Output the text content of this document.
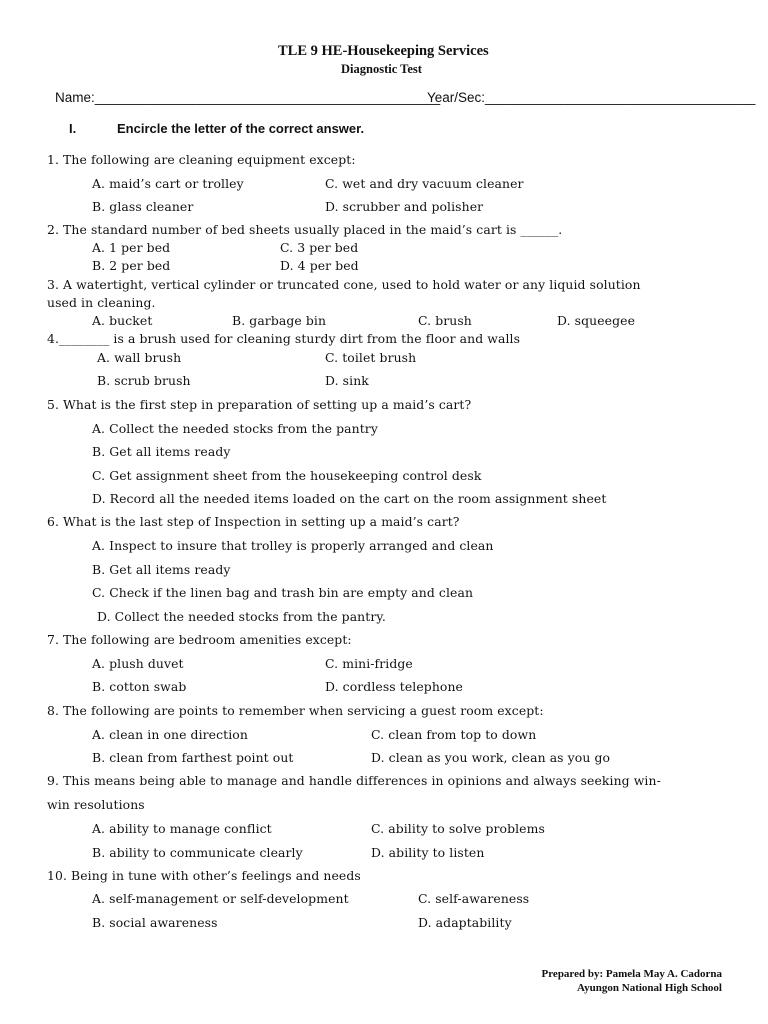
TLE 9 HE-Housekeeping Services
Diagnostic Test
Name:______________________________________________
Year/Sec:____________________________________
I.	Encircle the letter of the correct answer.
1. The following are cleaning equipment except:
A. maid’s cart or trolley	C. wet and dry vacuum cleaner
B. glass cleaner	D. scrubber and polisher
2. The standard number of bed sheets usually placed in the maid’s cart is ______.
A. 1 per bed	C. 3 per bed
B. 2 per bed	D. 4 per bed
3. A watertight, vertical cylinder or truncated cone, used to hold water or any liquid solution
used in cleaning.
A. bucket	B. garbage bin	C. brush	D. squeegee
4.________ is a brush used for cleaning sturdy dirt from the floor and walls
A. wall brush	C. toilet brush
B. scrub brush	D. sink
5. What is the first step in preparation of setting up a maid’s cart?
A. Collect the needed stocks from the pantry
B. Get all items ready
C. Get assignment sheet from the housekeeping control desk
D. Record all the needed items loaded on the cart on the room assignment sheet
6. What is the last step of Inspection in setting up a maid’s cart?
A. Inspect to insure that trolley is properly arranged and clean
B. Get all items ready
C. Check if the linen bag and trash bin are empty and clean
D. Collect the needed stocks from the pantry.
7. The following are bedroom amenities except:
A. plush duvet	C. mini-fridge
B. cotton swab	D. cordless telephone
8. The following are points to remember when servicing a guest room except:
A. clean in one direction	C. clean from top to down
B. clean from farthest point out	D. clean as you work, clean as you go
9. This means being able to manage and handle differences in opinions and always seeking win-
win resolutions
A. ability to manage conflict	C. ability to solve problems
B. ability to communicate clearly	D. ability to listen
10. Being in tune with other’s feelings and needs
A. self-management or self-development	C. self-awareness
B. social awareness	D. adaptability
Prepared by: Pamela May A. Cadorna
Ayungon National High School
